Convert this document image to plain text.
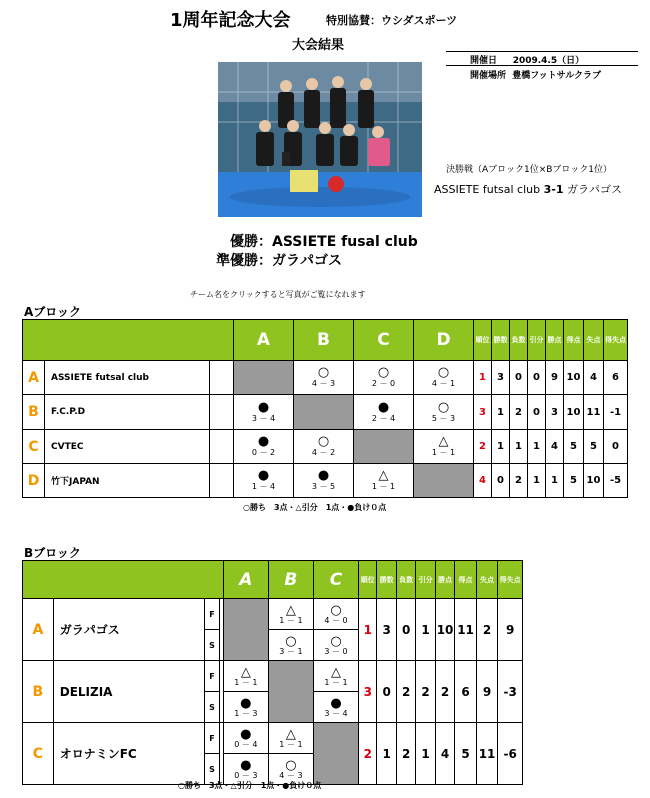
1周年記念大会	特別協賛：ウシダスポーツ
大会結果
開催日 2009.4.5（日）
開催場所 豊橋フットサルクラブ
決勝戦（Aブロック1位×Bブロック1位）
ASSIETE futsal club 3-1 ガラパゴス
優勝：ASSIETE fusal club
準優勝：ガラパゴス
チーム名をクリックすると写真がご覧になれます
Aブロック
			A	B	C	D	順位	勝数	負数	引分	勝点	得点	失点	得失点
A	ASSIETE futsal club			○
4 － 3	○
2 － 0	○
4 － 1	1	3	0	0	9	10	4	6
B	F.C.P.D		●
3 － 4		●
2 － 4	○
5 － 3	3	1	2	0	3	10	11	-1
C	CVTEC		●
0 － 2	○
4 － 2		△
1 － 1	2	1	1	1	4	5	5	0
D	竹下JAPAN		●
1 － 4	●
3 － 5	△
1 － 1		4	0	2	1	1	5	10	-5
○勝ち　3点・△引分　1点・●負け０点
Bブロック
				A	B	C	順位	勝数	負数	引分	勝点	得点	失点	得失点
A	ガラパゴス	F			△
1 － 1	○
4 － 0	1	3	0	1	10	11	2	9
		S			○
3 － 1	○
3 － 0								

B	DELIZIA	F		△
1 － 1		△
1 － 1	3	0	2	2	2	6	9	-3
		S		●
1 － 3		●
3 － 4								

C	オロナミンFC	F		●
0 － 4	△
1 － 1		2	1	2	1	4	5	11	-6
		S		●
0 － 3	○
4 － 3									
○勝ち　3点・△引分　1点・●負け０点
